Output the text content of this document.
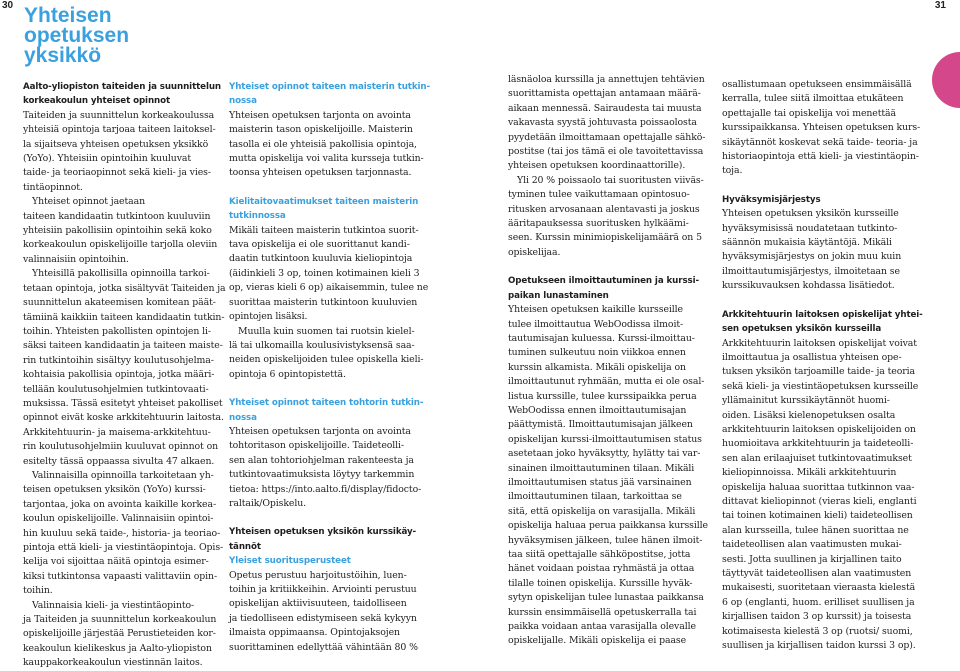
30	31
Yhteisen
opetuksen
yksikkö
Aalto-yliopiston taiteiden ja suunnittelun
korkeakoulun yhteiset opinnot

Taiteiden ja suunnittelun korkeakoulussa
yhteisiä opintoja tarjoaa taiteen laitoksel-
la sijaitseva yhteisen opetuksen yksikkö
(YoYo). Yhteisiin opintoihin kuuluvat
taide- ja teoriaopinnot sekä kieli- ja vies-
tintäopinnot.

Yhteiset opinnot jaetaan
taiteen kandidaatin tutkintoon kuuluviin
yhteisiin pakollisiin opintoihin sekä koko
korkeakoulun opiskelijoille tarjolla oleviin
valinnaisiin opintoihin.

Yhteisillä pakollisilla opinnoilla tarkoi-
tetaan opintoja, jotka sisältyvät Taiteiden ja
suunnittelun akateemisen komitean päät-
tämiinä kaikkiin taiteen kandidaatin tutkin-
toihin. Yhteisten pakollisten opintojen li-
säksi taiteen kandidaatin ja taiteen maiste-
rin tutkintoihin sisältyy koulutusohjelma-
kohtaisia pakollisia opintoja, jotka määri-
tellään koulutusohjelmien tutkintovaati-
muksissa. Tässä esitetyt yhteiset pakolliset
opinnot eivät koske arkkitehtuurin laitosta.
Arkkitehtuurin- ja maisema-arkkitehtuu-
rin koulutusohjelmiin kuuluvat opinnot on
esitelty tässä oppaassa sivulta 47 alkaen.

Valinnaisilla opinnoilla tarkoitetaan yh-
teisen opetuksen yksikön (YoYo) kurssi-
tarjontaa, joka on avointa kaikille korkea-
koulun opiskelijoille. Valinnaisiin opintoi-
hin kuuluu sekä taide-, historia- ja teoriao-
pintoja että kieli- ja viestintäopintoja. Opis-
kelija voi sijoittaa näitä opintoja esimer-
kiksi tutkintonsa vapaasti valittaviin opin-
toihin.

Valinnaisia kieli- ja viestintäopinto-
ja Taiteiden ja suunnittelun korkeakoulun
opiskelijoille järjestää Perustieteiden kor-
keakoulun kielikeskus ja Aalto-yliopiston
kauppakorkeakoulun viestinnän laitos.

Yhteiset opinnot taiteen maisterin tutkin-
nossa

Yhteisen opetuksen tarjonta on avointa
maisterin tason opiskelijoille. Maisterin
tasolla ei ole yhteisiä pakollisia opintoja,
mutta opiskelija voi valita kursseja tutkin-
toonsa yhteisen opetuksen tarjonnasta.

Kielitaitovaatimukset taiteen maisterin
tutkinnossa

Mikäli taiteen maisterin tutkintoa suorit-
tava opiskelija ei ole suorittanut kandi-
daatin tutkintoon kuuluvia kieliopintoja
(äidinkieli 3 op, toinen kotimainen kieli 3
op, vieras kieli 6 op) aikaisemmin, tulee ne
suorittaa maisterin tutkintoon kuuluvien
opintojen lisäksi.

Muulla kuin suomen tai ruotsin kielel-
lä tai ulkomailla koulusivistyksensä saa-
neiden opiskelijoiden tulee opiskella kieli-
opintoja 6 opintopistettä.

Yhteiset opinnot taiteen tohtorin tutkin-
nossa

Yhteisen opetuksen tarjonta on avointa
tohtoritason opiskelijoille. Taideteolli-
sen alan tohtoriohjelman rakenteesta ja
tutkintovaatimuksista löytyy tarkemmin
tietoa: https://into.aalto.fi/display/fidocto-
raltaik/Opiskelu.

Yhteisen opetuksen yksikön kurssikäy-
tännöt
Yleiset suoritusperusteet

Opetus perustuu harjoitustöihin, luen-
toihin ja kritiikkeihin. Arviointi perustuu
opiskelijan aktiivisuuteen, taidolliseen
ja tiedolliseen edistymiseen sekä kykyyn
ilmaista oppimaansa. Opintojaksojen
suorittaminen edellyttää vähintään 80 %

läsnäoloa kurssilla ja annettujen tehtävien
suorittamista opettajan antamaan määrä-
aikaan mennessä. Sairaudesta tai muusta
vakavasta syystä johtuvasta poissaolosta
pyydetään ilmoittamaan opettajalle sähkö-
postitse (tai jos tämä ei ole tavoitettavissa
yhteisen opetuksen koordinaattorille).

Yli 20 % poissaolo tai suoritusten viiväs-
tyminen tulee vaikuttamaan opintosuo-
ritusken arvosanaan alentavasti ja joskus
ääritapauksessa suoritusken hylkäämi-
seen. Kurssin minimiopiskelijamäärä on 5
opiskelijaa.

Opetukseen ilmoittautuminen ja kurssi-
paikan lunastaminen

Yhteisen opetuksen kaikille kursseille
tulee ilmoittautua WebOodissa ilmoit-
tautumisajan kuluessa. Kurssi-ilmoittau-
tuminen sulkeutuu noin viikkoa ennen
kurssin alkamista. Mikäli opiskelija on
ilmoittautunut ryhmään, mutta ei ole osal-
listua kurssille, tulee kurssipaikka perua
WebOodissa ennen ilmoittautumisajan
päättymistä. Ilmoittautumisajan jälkeen
opiskelijan kurssi-ilmoittautumisen status
asetetaan joko hyväksytty, hylätty tai var-
sinainen ilmoittautuminen tilaan. Mikäli
ilmoittautumisen status jää varsinainen
ilmoittautuminen tilaan, tarkoittaa se
sitä, että opiskelija on varasijalla. Mikäli
opiskelija haluaa perua paikkansa kurssille
hyväksymisen jälkeen, tulee hänen ilmoit-
taa siitä opettajalle sähköpostitse, jotta
hänet voidaan poistaa ryhmästä ja ottaa
tilalle toinen opiskelija. Kurssille hyväk-
sytyn opiskelijan tulee lunastaa paikkansa
kurssin ensimmäisellä opetuskerralla tai
paikka voidaan antaa varasijalla olevalle
opiskelijalle. Mikäli opiskelija ei paase

osallistumaan opetukseen ensimmäisällä
kerralla, tulee siitä ilmoittaa etukäteen
opettajalle tai opiskelija voi menettää
kurssipaikkansa. Yhteisen opetuksen kurs-
sikäytännöt koskevat sekä taide- teoria- ja
historiaopintoja että kieli- ja viestintäopin-
toja.

Hyväksymisjärjestys

Yhteisen opetuksen yksikön kursseille
hyväksymisissä noudatetaan tutkinto-
säännön mukaisia käytäntöjä. Mikäli
hyväksymisjärjestys on jokin muu kuin
ilmoittautumisjärjestys, ilmoitetaan se
kurssikuvauksen kohdassa lisätiedot.

Arkkitehtuurin laitoksen opiskelijat yhtei-
sen opetuksen yksikön kursseilla

Arkkitehtuurin laitoksen opiskelijat voivat
ilmoittautua ja osallistua yhteisen ope-
tuksen yksikön tarjoamille taide- ja teoria
sekä kieli- ja viestintäopetuksen kursseille
yllämainitut kurssikäytännöt huomi-
oiden. Lisäksi kielenopetuksen osalta
arkkitehtuurin laitoksen opiskelijoiden on
huomioitava arkkitehtuurin ja taideteolli-
sen alan erilaajuiset tutkintovaatimukset
kieliopinnoissa. Mikäli arkkitehtuurin
opiskelija haluaa suorittaa tutkinnon vaa-
dittavat kieliopinnot (vieras kieli, englanti
tai toinen kotimainen kieli) taideteollisen
alan kursseilla, tulee hänen suorittaa ne
taideteollisen alan vaatimusten mukai-
sesti. Jotta suullinen ja kirjallinen taito
täyttyvät taideteollisen alan vaatimusten
mukaisesti, suoritetaan vieraasta kielestä
6 op (englanti, huom. erilliset suullisen ja
kirjallisen taidon 3 op kurssit) ja toisesta
kotimaisesta kielestä 3 op (ruotsi/ suomi,
suullisen ja kirjallisen taidon kurssi 3 op).
